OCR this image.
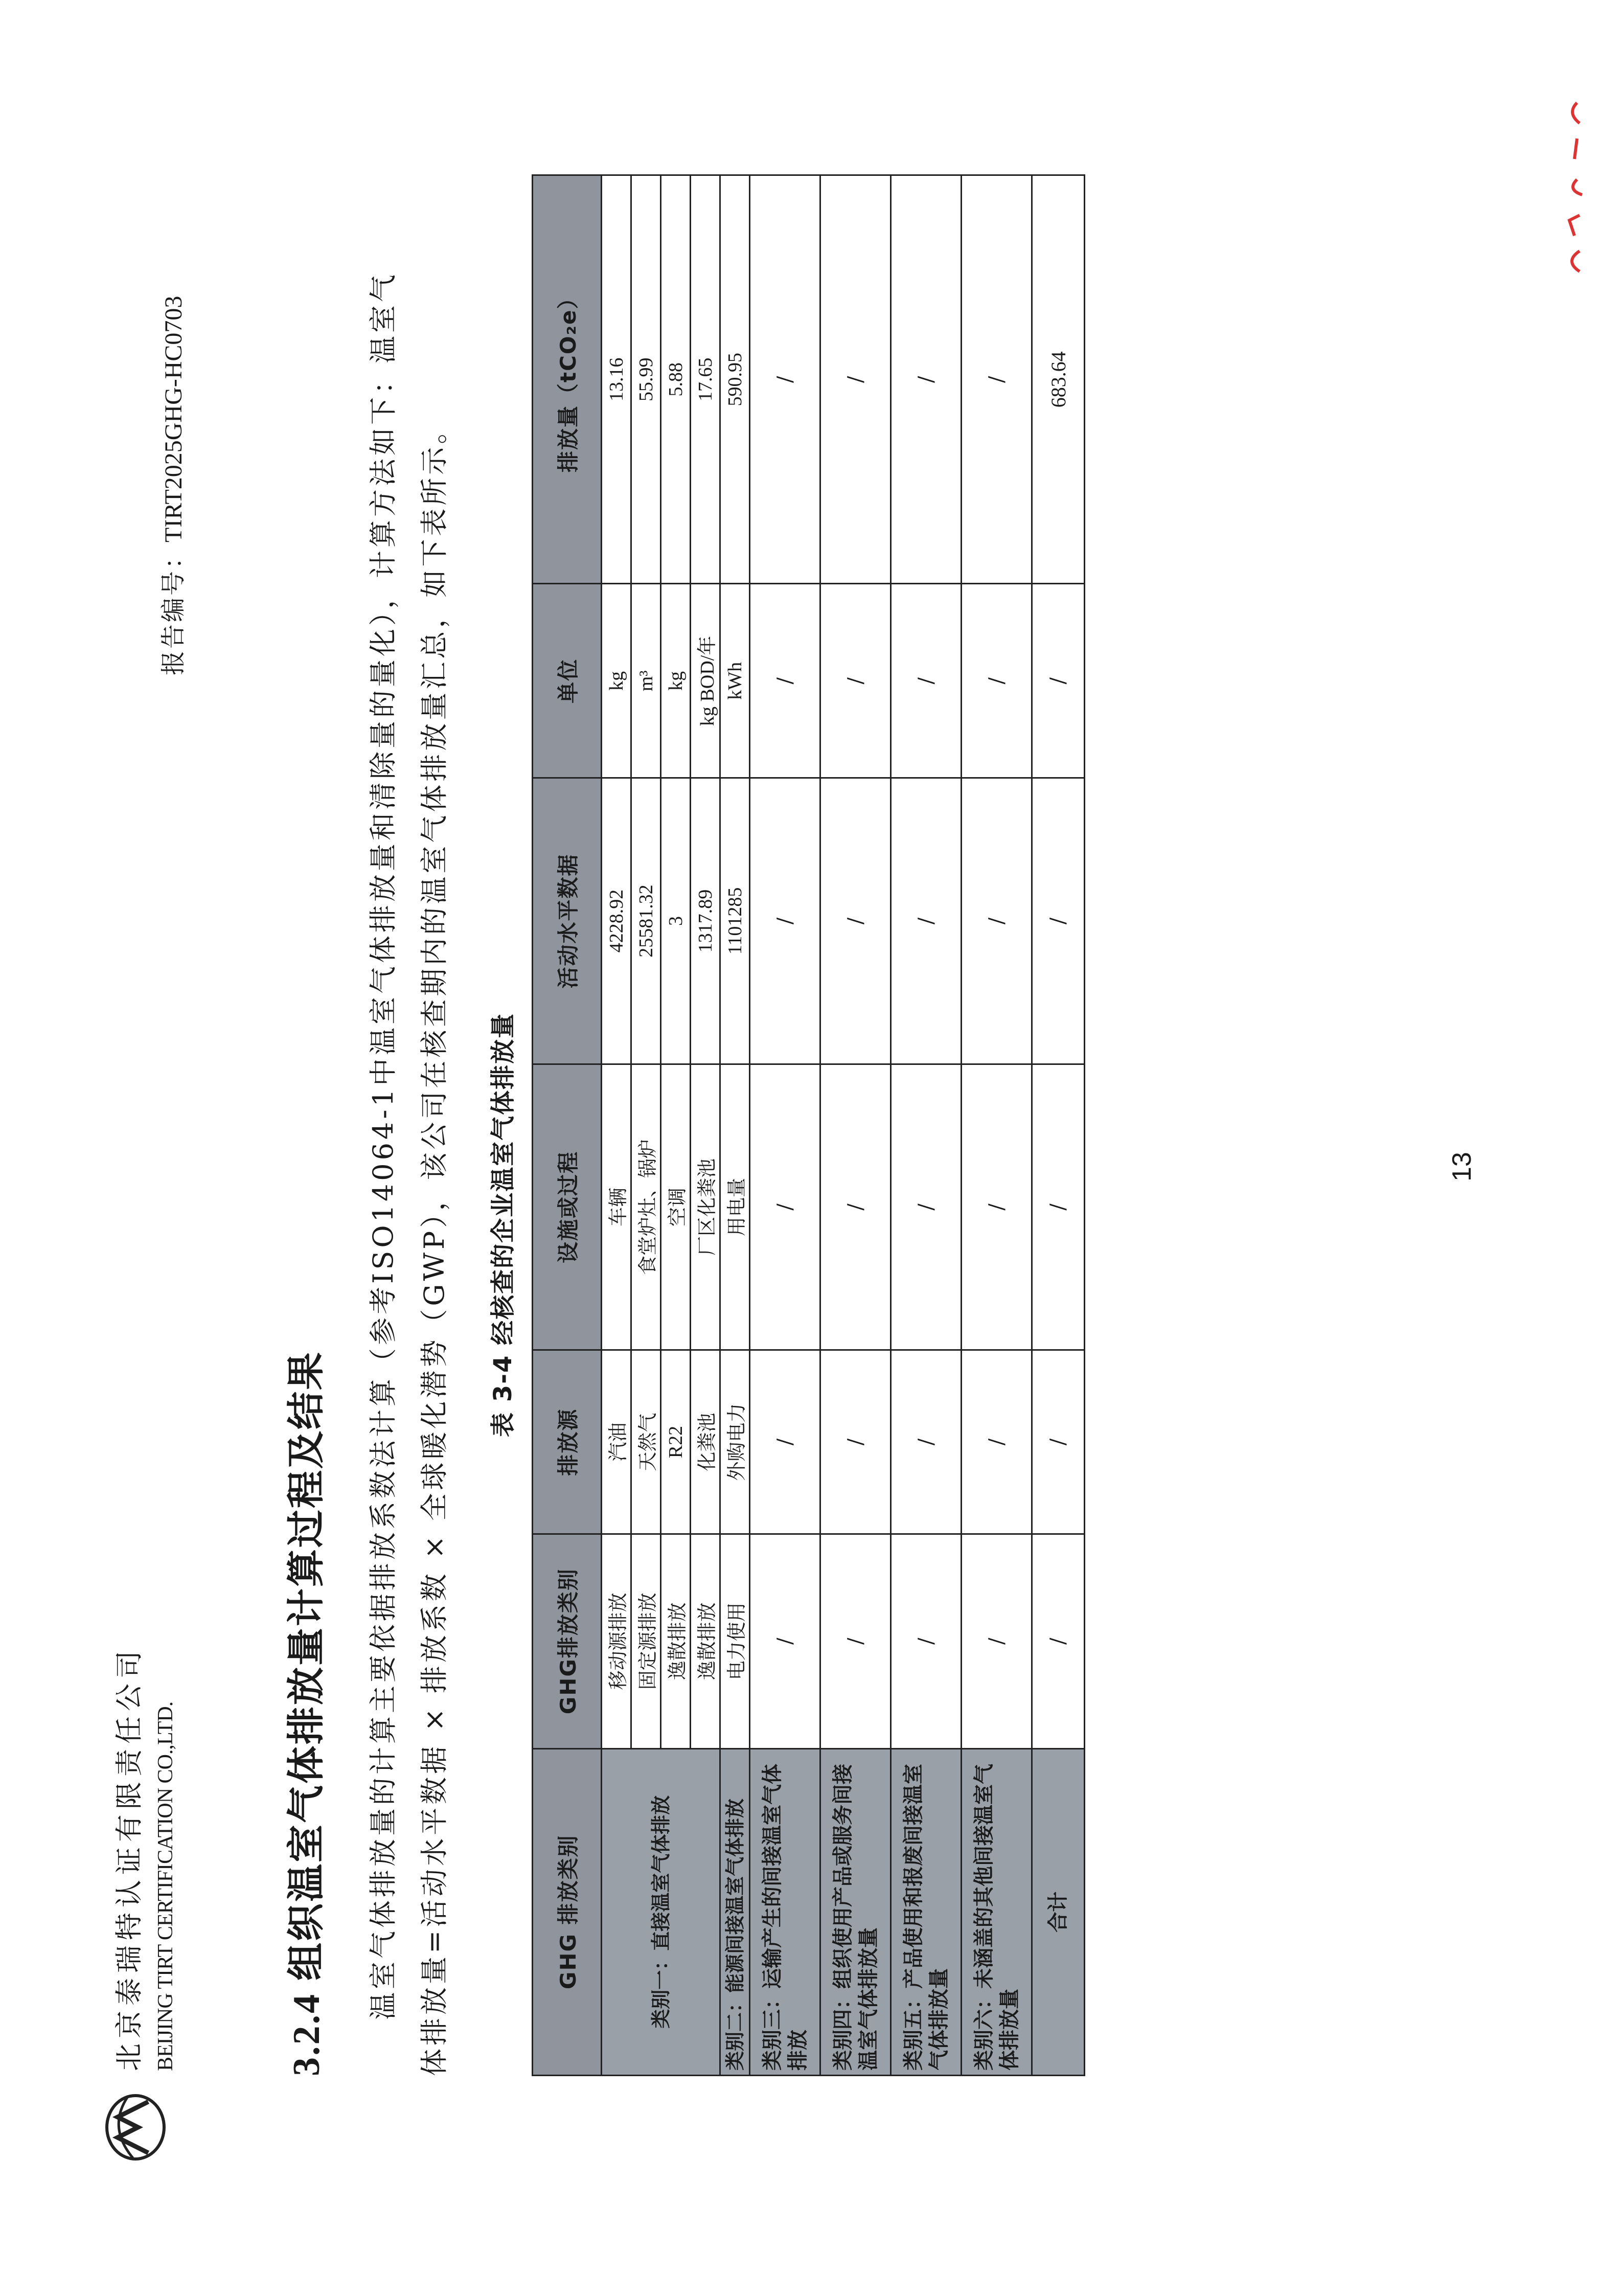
北京泰瑞特认证有限责任公司 BEIJING TIRT CERTIFICATION CO.,LTD.
报告编号：TIRT2025GHG-HC0703
3.2.4组织温室气体排放量计算过程及结果	温室气体排放量的计算主要依据排放系数法计算（参考ISO14064-1中温室气体排放量和清除量的量化），计算方法如下：温室气 体排放量=活动水平数据 × 排放系数 × 全球暖化潜势（GWP），该公司在核查期内的温室气体排放量汇总，如下表所示。	表 3-4 经核查的企业温室气体排放量
GHG 排放类别	GHG排放类别	排放源	设施或过程	活动水平数据	单位	排放量（tCO₂e）
类别一：直接温室气体排放	移动源排放	汽油	车辆	4228.92	kg	13.16
	固定源排放	天然气	食堂炉灶、锅炉	25581.32	m³	55.99
	逸散排放	R22	空调	3	kg	5.88
	逸散排放	化粪池	厂区化粪池	1317.89	kg BOD/年	17.65
类别二：能源间接温室气体排放	电力使用	外购电力	用电量	1101285	kWh	590.95
类别三：运输产生的间接温室气体排放	/	/	/	/	/	/
类别四：组织使用产品或服务间接温室气体排放量	/	/	/	/	/	/
类别五：产品使用和报废间接温室气体排放量	/	/	/	/	/	/
类别六：未涵盖的其他间接温室气体排放量	/	/	/	/	/	/
合计	/	/	/	/	/	683.64
13
